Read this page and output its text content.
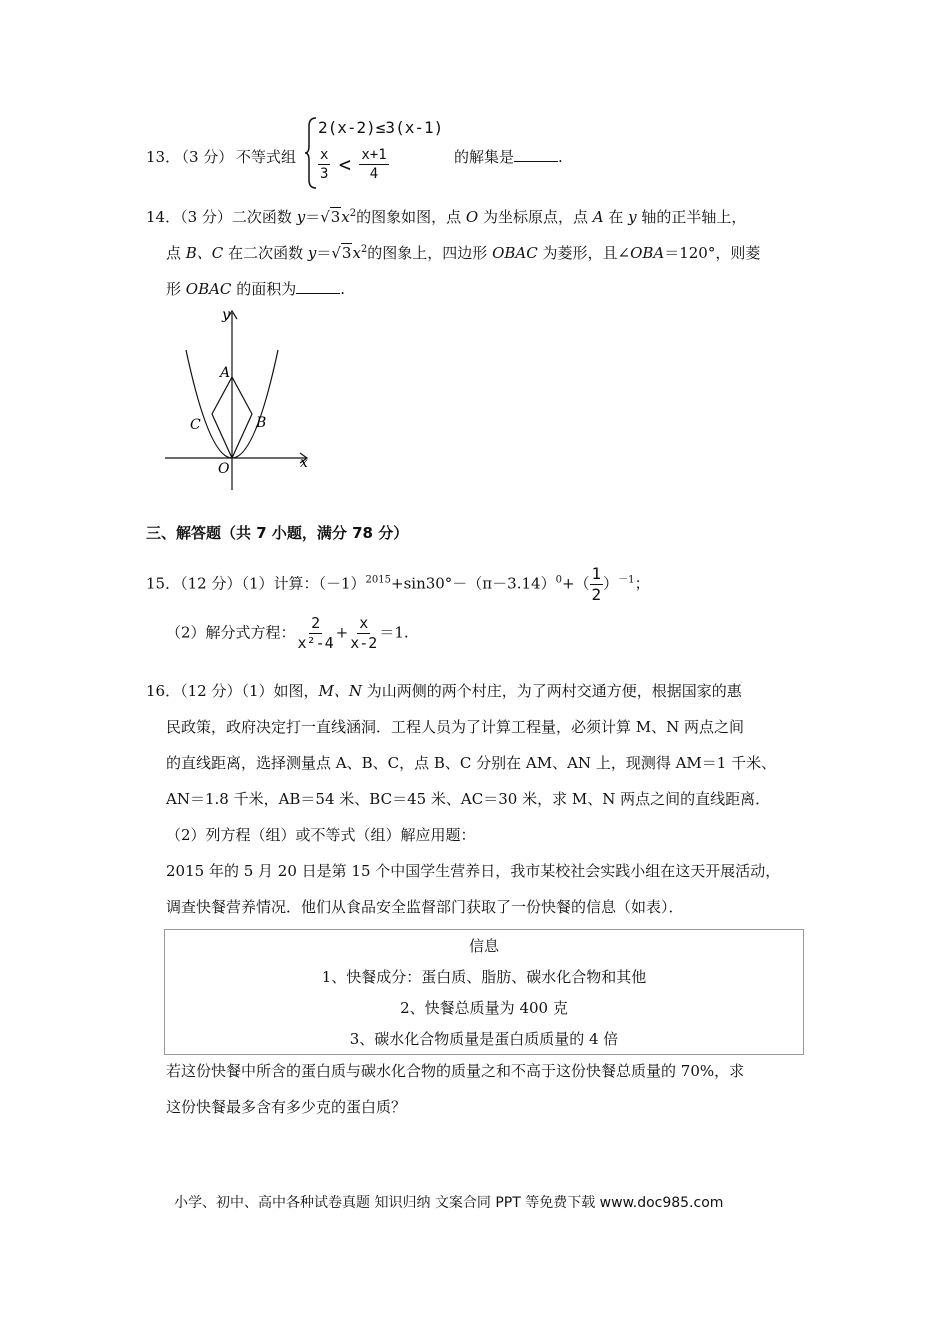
13．
（3 分） 不等式组
2(x-2)≤3(x-1)
$\frac{x}{3} < \frac{x+1}{4}$	的解集是	.
14．（3 分）二次函数 $y=√3x^2$的图象如图，点 O 为坐标原点，点 A 在 y 轴的正半轴上，
点 B、C 在二次函数 $y=√3x^2$的图象上，四边形 OBAC 为菱形，且∠OBA＝120°，则菱
形 OBAC 的面积为	.
y
x
A
B
C
O
三、解答题（共 7 小题，满分 78 分）
15．（12 分）（1）计算：$(-1)^{2015}+\sin 30^\circ-(\pi-3.14)^0+( \frac{1}{2} )^{-1}$；
（2）解分式方程： $\frac{2}{\text{x²-4}} + \frac{x}{x-2} =1$.
16．（12 分）（1）如图，M、N 为山两侧的两个村庄，为了两村交通方便，根据国家的惠
民政策，政府决定打一直线涵洞．工程人员为了计算工程量，必须计算 M、N 两点之间
的直线距离，选择测量点 A、B、C，点 B、C 分别在 AM、AN 上，现测得 AM＝1 千米、
AN＝1.8 千米，AB＝54 米、BC＝45 米、AC＝30 米，求 M、N 两点之间的直线距离．
（2）列方程（组）或不等式（组）解应用题：
2015 年的 5 月 20 日是第 15 个中国学生营养日，我市某校社会实践小组在这天开展活动，
调查快餐营养情况．他们从食品安全监督部门获取了一份快餐的信息（如表）．
信息
1、快餐成分：蛋白质、脂肪、碳水化合物和其他
2、快餐总质量为 400 克
3、碳水化合物质量是蛋白质质量的 4 倍
若这份快餐中所含的蛋白质与碳水化合物的质量之和不高于这份快餐总质量的 70%，求
这份快餐最多含有多少克的蛋白质？
小学、初中、高中各种试卷真题 知识归纳 文案合同 PPT 等免费下载 www.doc985.com
